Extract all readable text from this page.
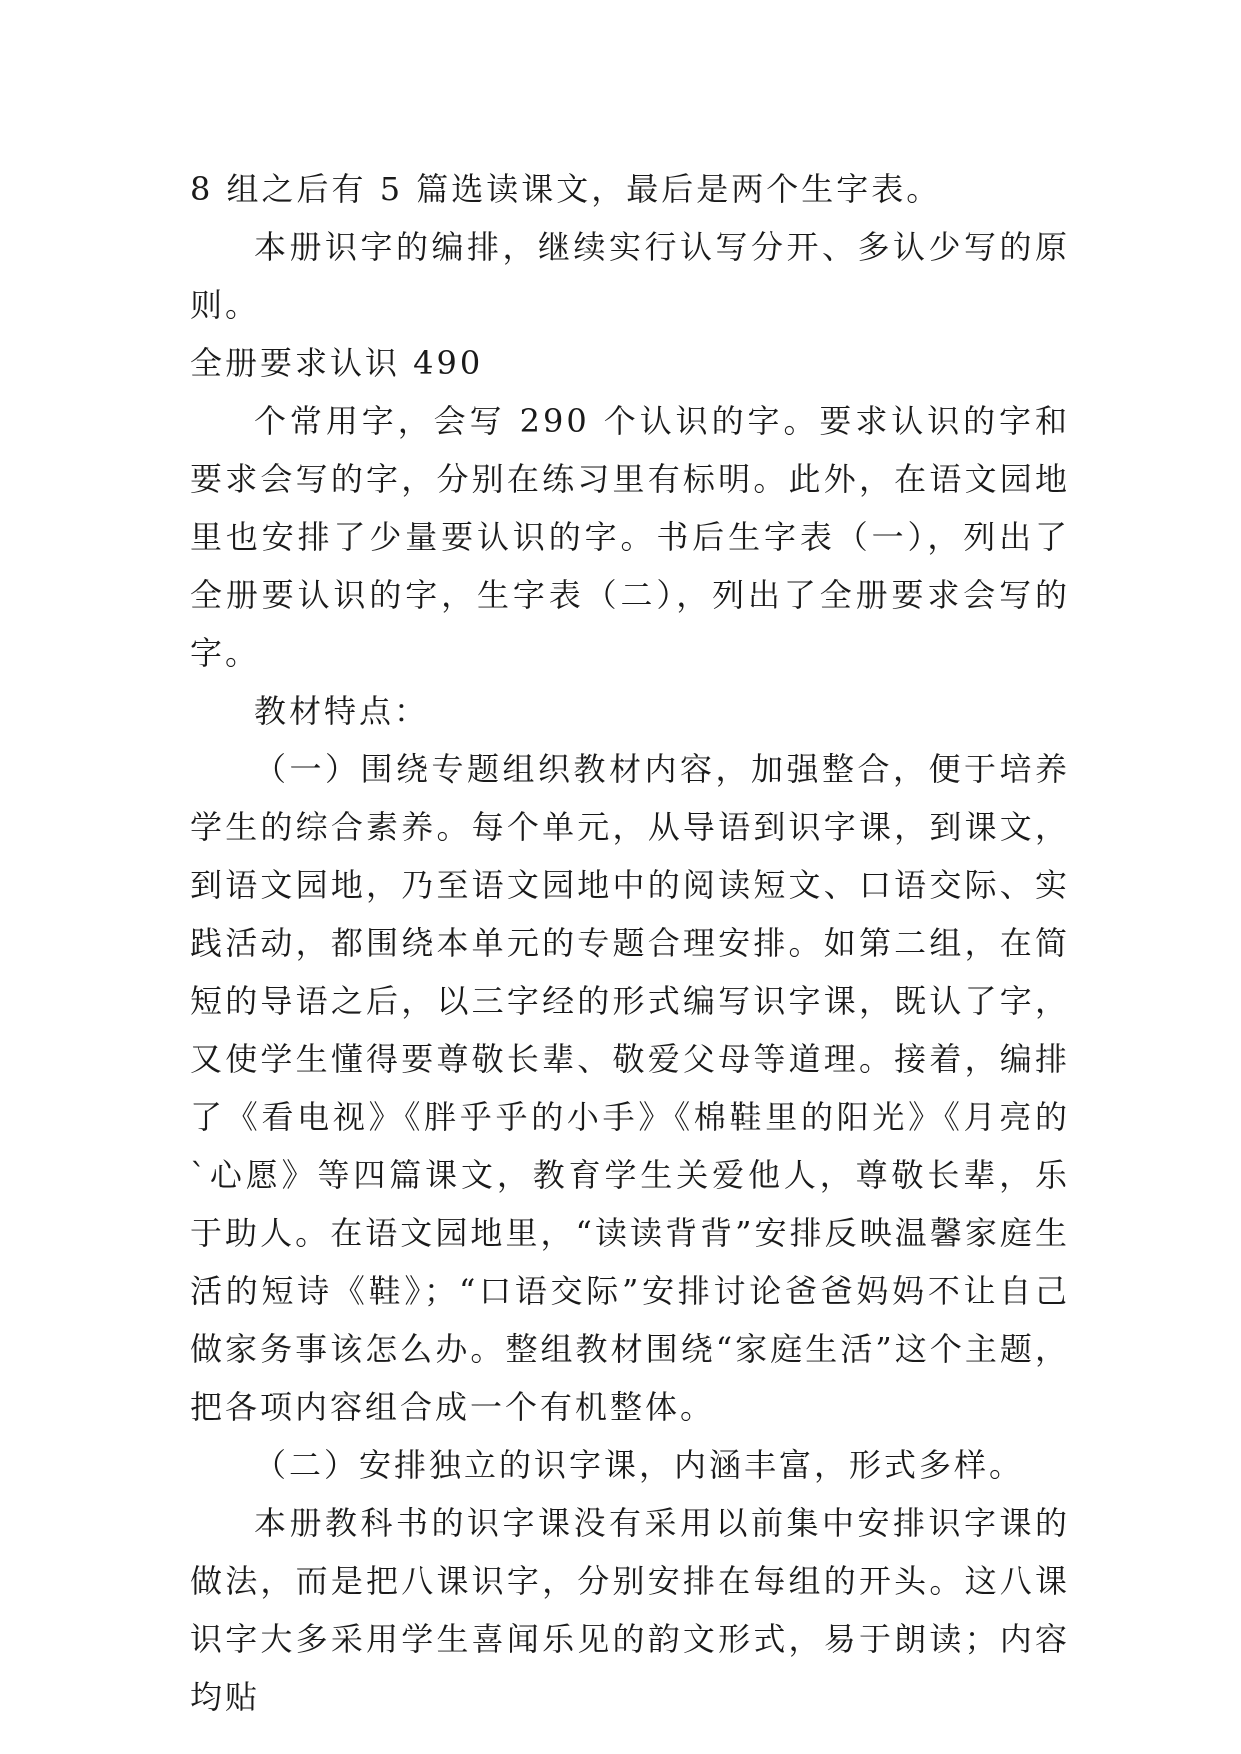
8 组之后有 5 篇选读课文，最后是两个生字表。

本册识字的编排，继续实行认写分开、多认少写的原则。

全册要求认识 490

个常用字，会写 290 个认识的字。要求认识的字和要求会写的字，分别在练习里有标明。此外，在语文园地里也安排了少量要认识的字。书后生字表（一），列出了全册要认识的字，生字表（二），列出了全册要求会写的字。

教材特点：

（一）围绕专题组织教材内容，加强整合，便于培养学生的综合素养。每个单元，从导语到识字课，到课文，到语文园地，乃至语文园地中的阅读短文、口语交际、实践活动，都围绕本单元的专题合理安排。如第二组，在简短的导语之后，以三字经的形式编写识字课，既认了字，又使学生懂得要尊敬长辈、敬爱父母等道理。接着，编排了《看电视》《胖乎乎的小手》《棉鞋里的阳光》《月亮的`心愿》等四篇课文，教育学生关爱他人，尊敬长辈，乐于助人。在语文园地里，“读读背背”安排反映温馨家庭生活的短诗《鞋》；“口语交际”安排讨论爸爸妈妈不让自己做家务事该怎么办。整组教材围绕“家庭生活”这个主题，把各项内容组合成一个有机整体。

（二）安排独立的识字课，内涵丰富，形式多样。

本册教科书的识字课没有采用以前集中安排识字课的做法，而是把八课识字，分别安排在每组的开头。这八课识字大多采用学生喜闻乐见的韵文形式，易于朗读；内容均贴
